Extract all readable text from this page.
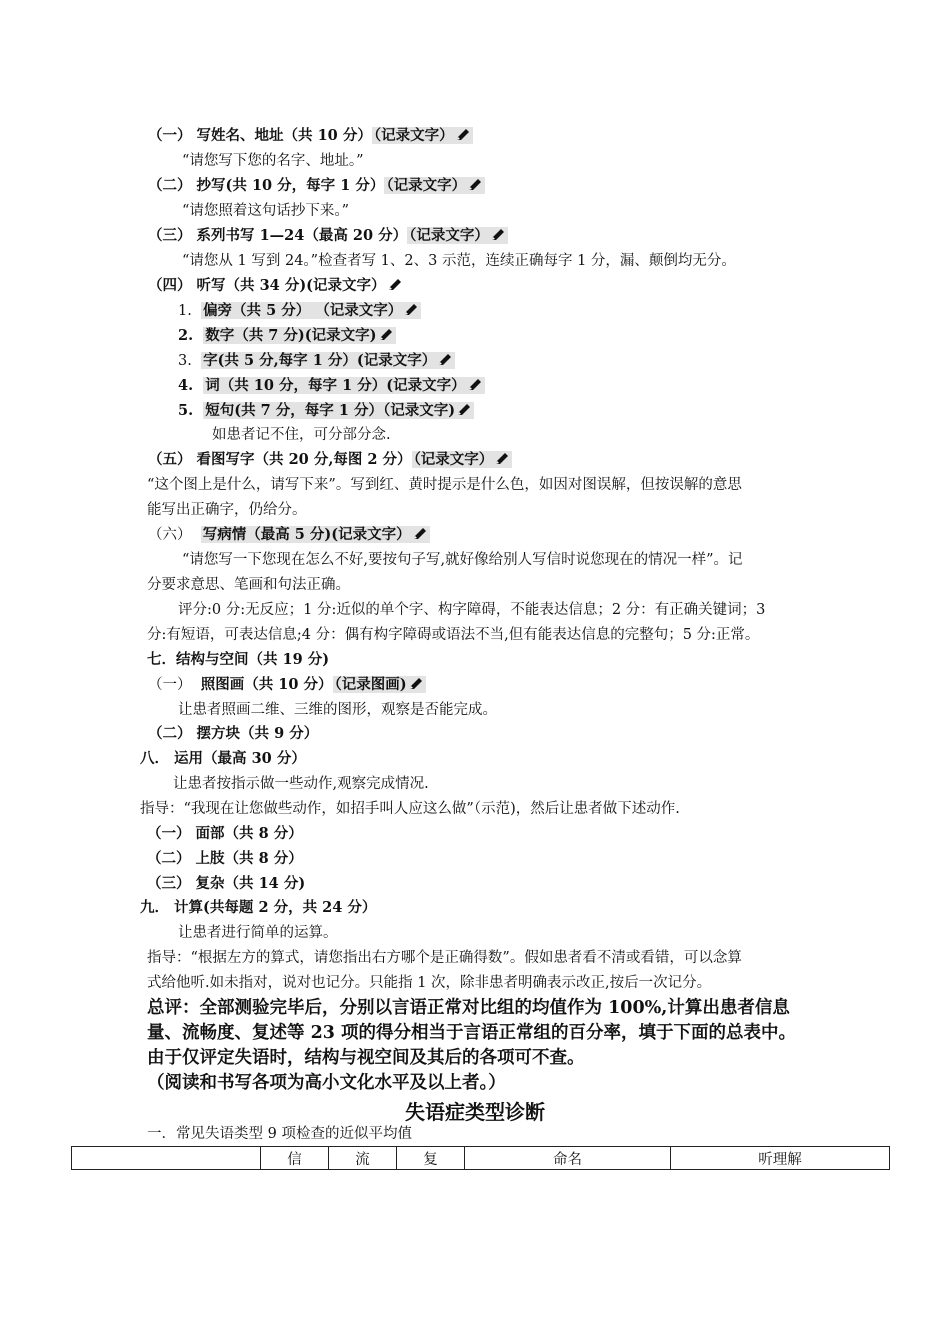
（一） 写姓名、地址（共 10 分） （记录文字）
“请您写下您的名字、地址。”
（二） 抄写(共 10 分，每字 1 分） （记录文字）
“请您照着这句话抄下来。”
（三） 系列书写 1—24（最高 20 分） （记录文字）
“请您从 1 写到 24。”检查者写 1、2、3 示范，连续正确每字 1 分，漏、颠倒均无分。
（四） 听写（共 34 分)(记录文字）
1. 偏旁（共 5 分） （记录文字）
2. 数字（共 7 分)(记录文字)
3. 字(共 5 分,每字 1 分）(记录文字）
4. 词（共 10 分，每字 1 分）(记录文字）
5. 短句(共 7 分，每字 1 分）（记录文字)
如患者记不住，可分部分念.
（五） 看图写字（共 20 分,每图 2 分） （记录文字）
“这个图上是什么，请写下来”。写到红、黄时提示是什么色，如因对图误解，但按误解的意思
能写出正确字，仍给分。
（六） 写病情（最高 5 分)(记录文字）
“请您写一下您现在怎么不好,要按句子写,就好像给别人写信时说您现在的情况一样”。记
分要求意思、笔画和句法正确。
评分:0 分:无反应；1 分:近似的单个字、构字障碍，不能表达信息；2 分：有正确关键词；3
分:有短语，可表达信息;4 分：偶有构字障碍或语法不当,但有能表达信息的完整句；5 分:正常。
七．结构与空间（共 19 分)
（一） 照图画（共 10 分） （记录图画)
让患者照画二维、三维的图形，观察是否能完成。
（二） 摆方块（共 9 分）
八． 运用（最高 30 分）
让患者按指示做一些动作,观察完成情况.
指导：“我现在让您做些动作，如招手叫人应这么做”（示范)，然后让患者做下述动作.
（一） 面部（共 8 分）
（二） 上肢（共 8 分）
（三） 复杂（共 14 分)
九． 计算(共每题 2 分，共 24 分）
让患者进行简单的运算。
指导：“根据左方的算式，请您指出右方哪个是正确得数”。假如患者看不清或看错，可以念算
式给他听.如未指对，说对也记分。只能指 1 次，除非患者明确表示改正,按后一次记分。
总评：全部测验完毕后，分别以言语正常对比组的均值作为 100%,计算出患者信息
量、流畅度、复述等 23 项的得分相当于言语正常组的百分率，填于下面的总表中。
由于仅评定失语时，结构与视空间及其后的各项可不查。
（阅读和书写各项为高小文化水平及以上者。）
失语症类型诊断
一．常见失语类型 9 项检查的近似平均值
	信	流	复	命名	听理解
